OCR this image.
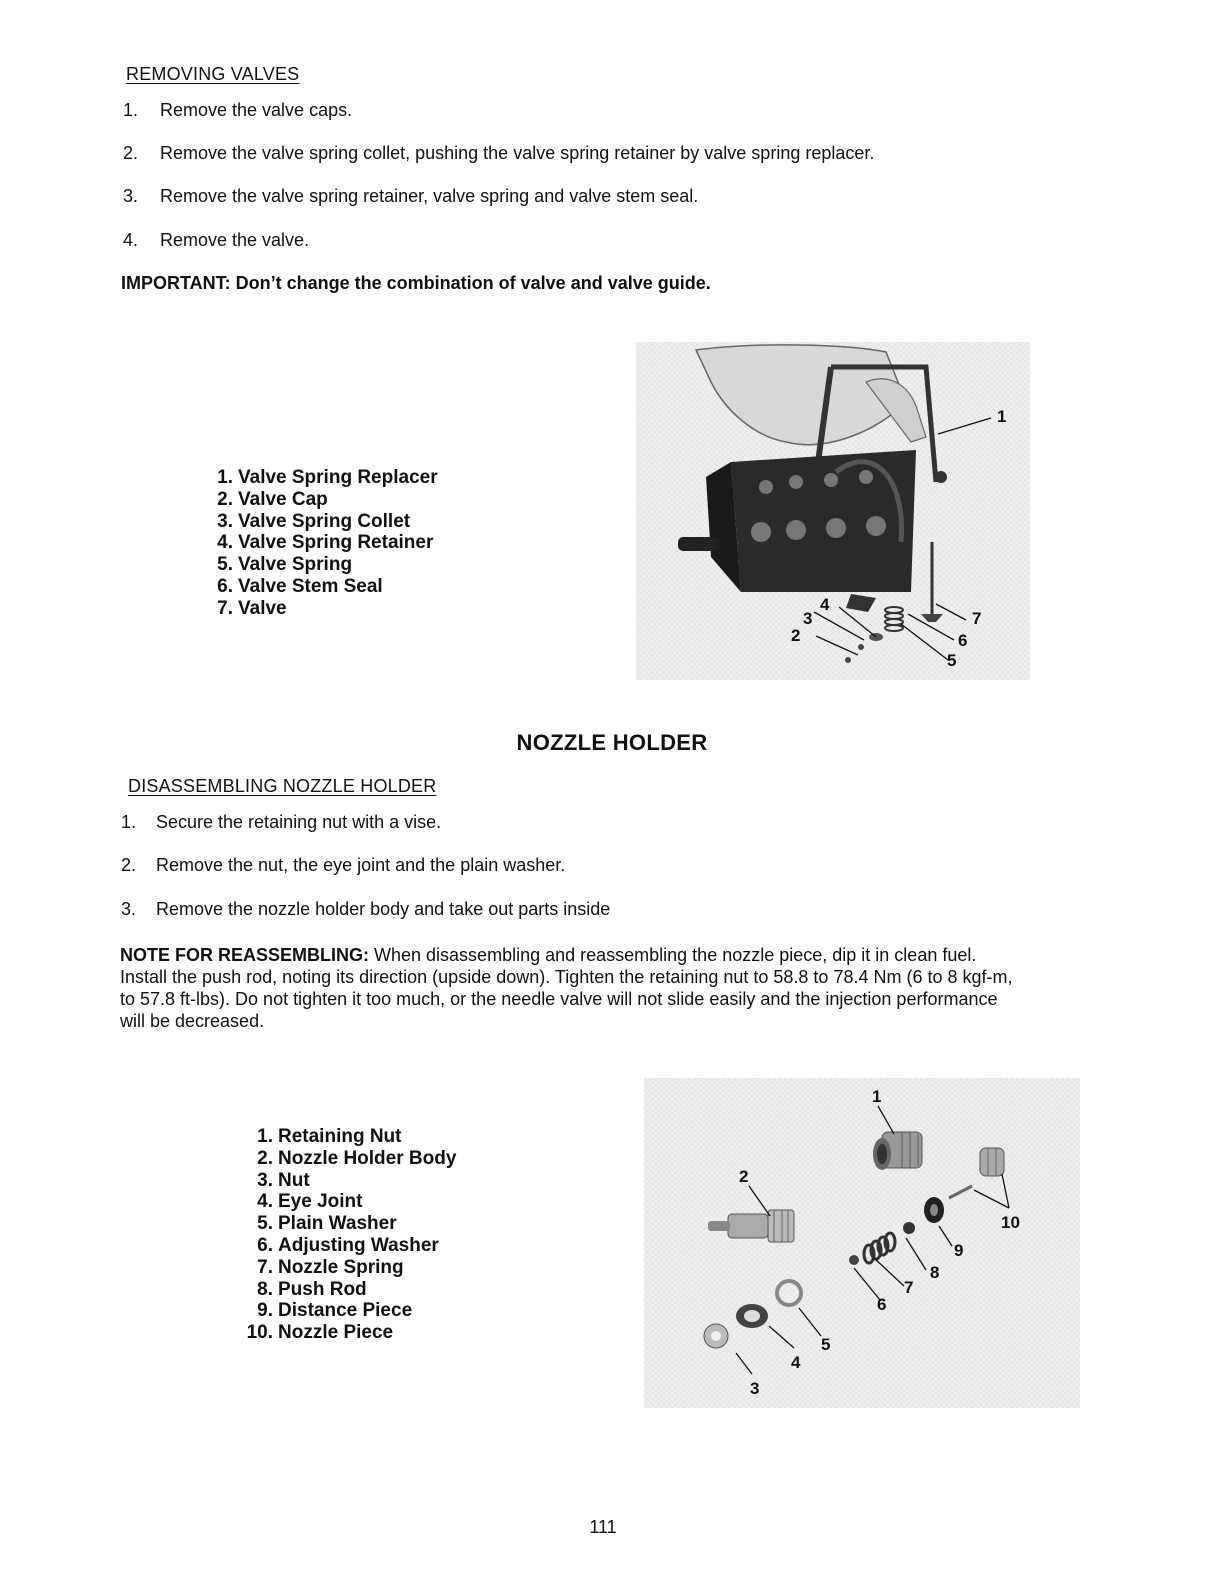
REMOVING VALVES
1.	Remove the valve caps.
2.	Remove the valve spring collet, pushing the valve spring retainer by valve spring replacer.
3.	Remove the valve spring retainer, valve spring and valve stem seal.
4.	Remove the valve.
IMPORTANT: Don’t change the combination of valve and valve guide.
1. Valve Spring Replacer
2. Valve Cap
3. Valve Spring Collet
4. Valve Spring Retainer
5. Valve Spring
6. Valve Stem Seal
7. Valve
1
2
3
4
5
6
7
NOZZLE HOLDER
DISASSEMBLING NOZZLE HOLDER
1.	Secure the retaining nut with a vise.
2.	Remove the nut, the eye joint and the plain washer.
3.	Remove the nozzle holder body and take out parts inside
NOTE FOR REASSEMBLING: When disassembling and reassembling the nozzle piece, dip it in clean fuel. Install the push rod, noting its direction (upside down). Tighten the retaining nut to 58.8 to 78.4 Nm (6 to 8 kgf-m, to 57.8 ft-lbs). Do not tighten it too much, or the needle valve will not slide easily and the injection performance will be decreased.
1. Retaining Nut
2. Nozzle Holder Body
3. Nut
4. Eye Joint
5. Plain Washer
6. Adjusting Washer
7. Nozzle Spring
8. Push Rod
9. Distance Piece
10. Nozzle Piece
1
2
3
4
5
6
7
8
9
10
111
